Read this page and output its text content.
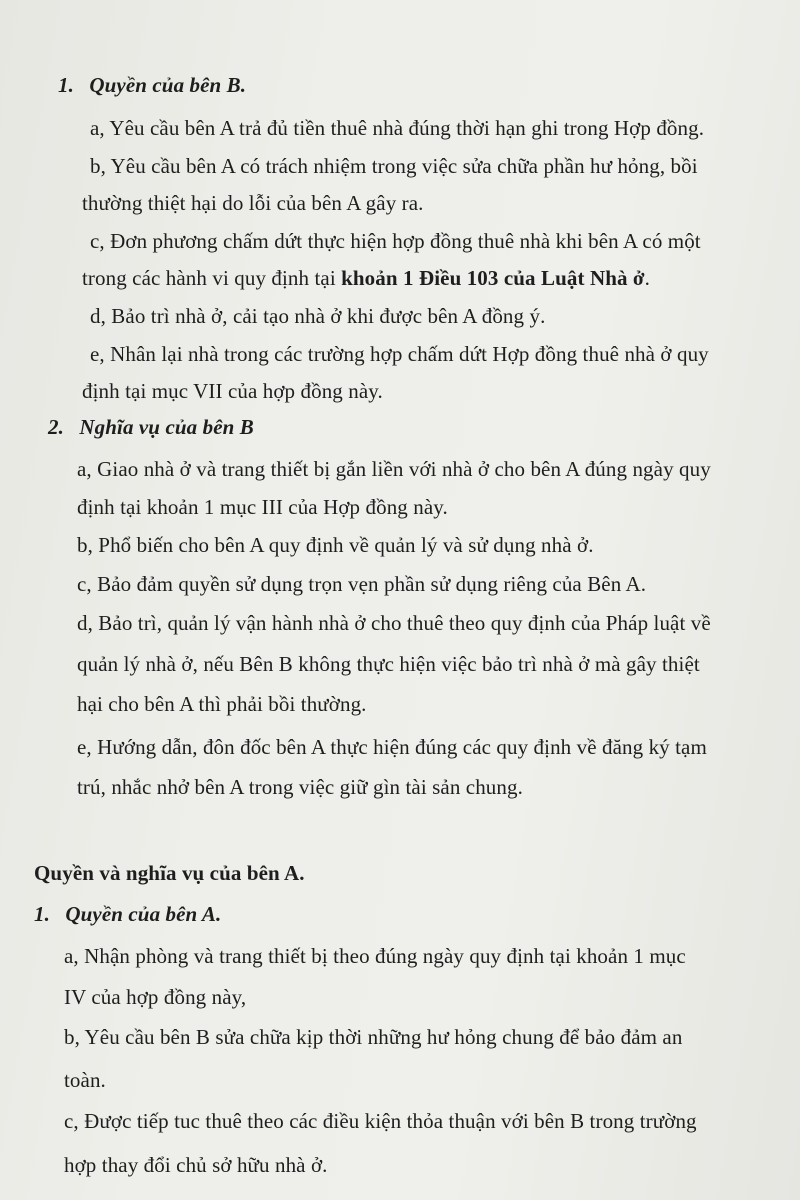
1. Quyền của bên B.
a, Yêu cầu bên A trả đủ tiền thuê nhà đúng thời hạn ghi trong Hợp đồng.
b, Yêu cầu bên A có trách nhiệm trong việc sửa chữa phần hư hỏng, bồi
thường thiệt hại do lỗi của bên A gây ra.
c, Đơn phương chấm dứt thực hiện hợp đồng thuê nhà khi bên A có một
trong các hành vi quy định tại khoản 1 Điều 103 của Luật Nhà ở.
d, Bảo trì nhà ở, cải tạo nhà ở khi được bên A đồng ý.
e, Nhân lại nhà trong các trường hợp chấm dứt Hợp đồng thuê nhà ở quy
định tại mục VII của hợp đồng này.
2. Nghĩa vụ của bên B
a, Giao nhà ở và trang thiết bị gắn liền với nhà ở cho bên A đúng ngày quy
định tại khoản 1 mục III của Hợp đồng này.
b, Phổ biến cho bên A quy định về quản lý và sử dụng nhà ở.
c, Bảo đảm quyền sử dụng trọn vẹn phần sử dụng riêng của Bên A.
d, Bảo trì, quản lý vận hành nhà ở cho thuê theo quy định của Pháp luật về
quản lý nhà ở, nếu Bên B không thực hiện việc bảo trì nhà ở mà gây thiệt
hại cho bên A thì phải bồi thường.
e, Hướng dẫn, đôn đốc bên A thực hiện đúng các quy định về đăng ký tạm
trú, nhắc nhở bên A trong việc giữ gìn tài sản chung.
Quyền và nghĩa vụ của bên A.
1. Quyền của bên A.
a, Nhận phòng và trang thiết bị theo đúng ngày quy định tại khoản 1 mục
IV của hợp đồng này,
b, Yêu cầu bên B sửa chữa kịp thời những hư hỏng chung để bảo đảm an
toàn.
c, Được tiếp tuc thuê theo các điều kiện thỏa thuận với bên B trong trường
hợp thay đổi chủ sở hữu nhà ở.
